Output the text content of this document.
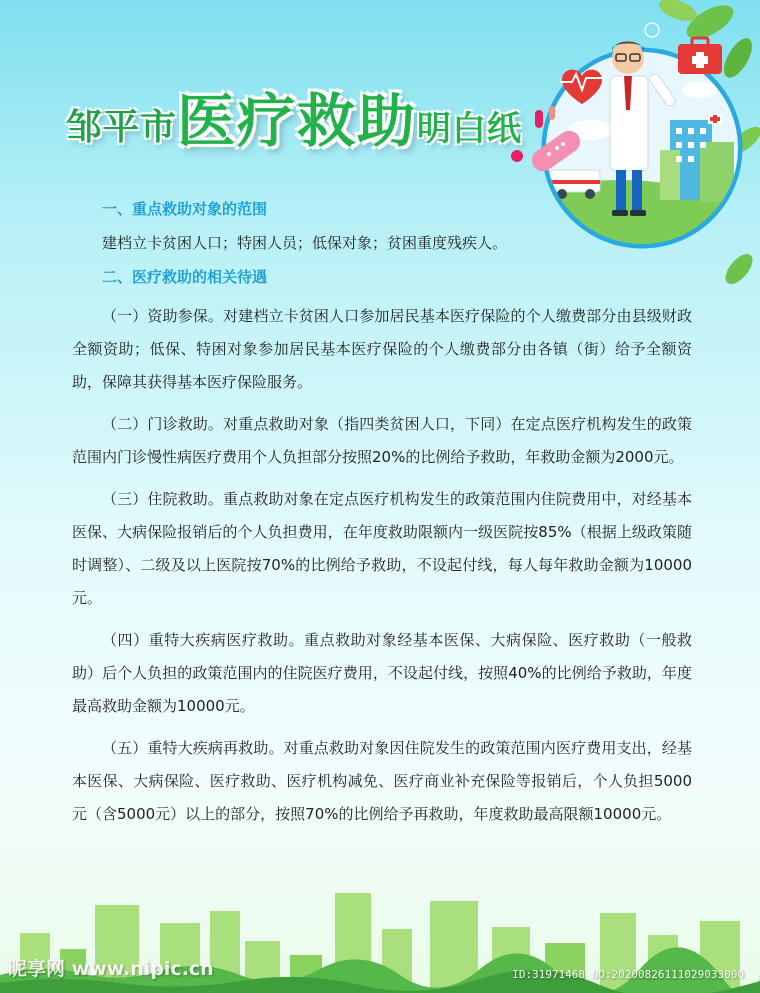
邹平市 医疗救助 明白纸
一、重点救助对象的范围
建档立卡贫困人口；特困人员；低保对象；贫困重度残疾人。
二、医疗救助的相关待遇

（一）资助参保。对建档立卡贫困人口参加居民基本医疗保险的个人缴费部分由县级财政全额资助；低保、特困对象参加居民基本医疗保险的个人缴费部分由各镇（街）给予全额资助，保障其获得基本医疗保险服务。

（二）门诊救助。对重点救助对象（指四类贫困人口，下同）在定点医疗机构发生的政策范围内门诊慢性病医疗费用个人负担部分按照20%的比例给予救助，年救助金额为2000元。

（三）住院救助。重点救助对象在定点医疗机构发生的政策范围内住院费用中，对经基本医保、大病保险报销后的个人负担费用，在年度救助限额内一级医院按85%（根据上级政策随时调整）、二级及以上医院按70%的比例给予救助，不设起付线，每人每年救助金额为10000元。

（四）重特大疾病医疗救助。重点救助对象经基本医保、大病保险、医疗救助（一般救助）后个人负担的政策范围内的住院医疗费用，不设起付线，按照40%的比例给予救助，年度最高救助金额为10000元。

（五）重特大疾病再救助。对重点救助对象因住院发生的政策范围内医疗费用支出，经基本医保、大病保险、医疗救助、医疗机构减免、医疗商业补充保险等报销后，个人负担5000元（含5000元）以上的部分，按照70%的比例给予再救助，年度救助最高限额10000元。

昵享网 www.nipic.cn	ID:31971468 NO:20200826111029033000
